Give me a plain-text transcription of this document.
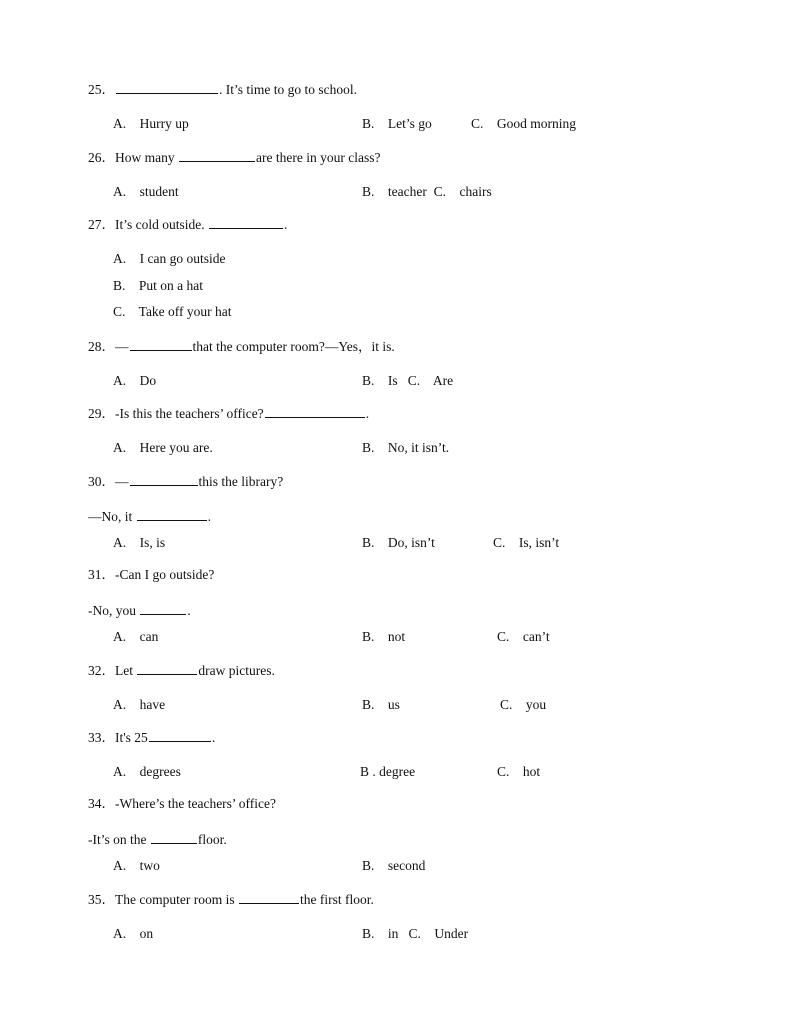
25．	. It’s time to go to school.
A.    Hurry up	B.    Let’s go	C.    Good morning
26．How many	are there in your class?
A.    student	B.    teacher  C.    chairs
27．It’s cold outside.	.
A.    I can go outside
B.    Put on a hat
C.    Take off your hat
28．—	that the computer room?—Yes，it is.
A.    Do	B.    Is   C.    Are
29．-Is this the teachers’ office?	.
A.    Here you are.	B.    No, it isn’t.
30．—	this the library?
—No, it	.
A.    Is, is	B.    Do, isn’t	C.    Is, isn’t
31．-Can I go outside?
-No, you	.
A.    can	B.    not	C.    can’t
32．Let	draw pictures.
A.    have	B.    us	C.    you
33．It's 25	.
A.    degrees	B . degree	C.    hot
34．-Where’s the teachers’ office?
-It’s on the	floor.
A.    two	B.    second
35．The computer room is	the first floor.
A.    on	B.    in   C.    Under
